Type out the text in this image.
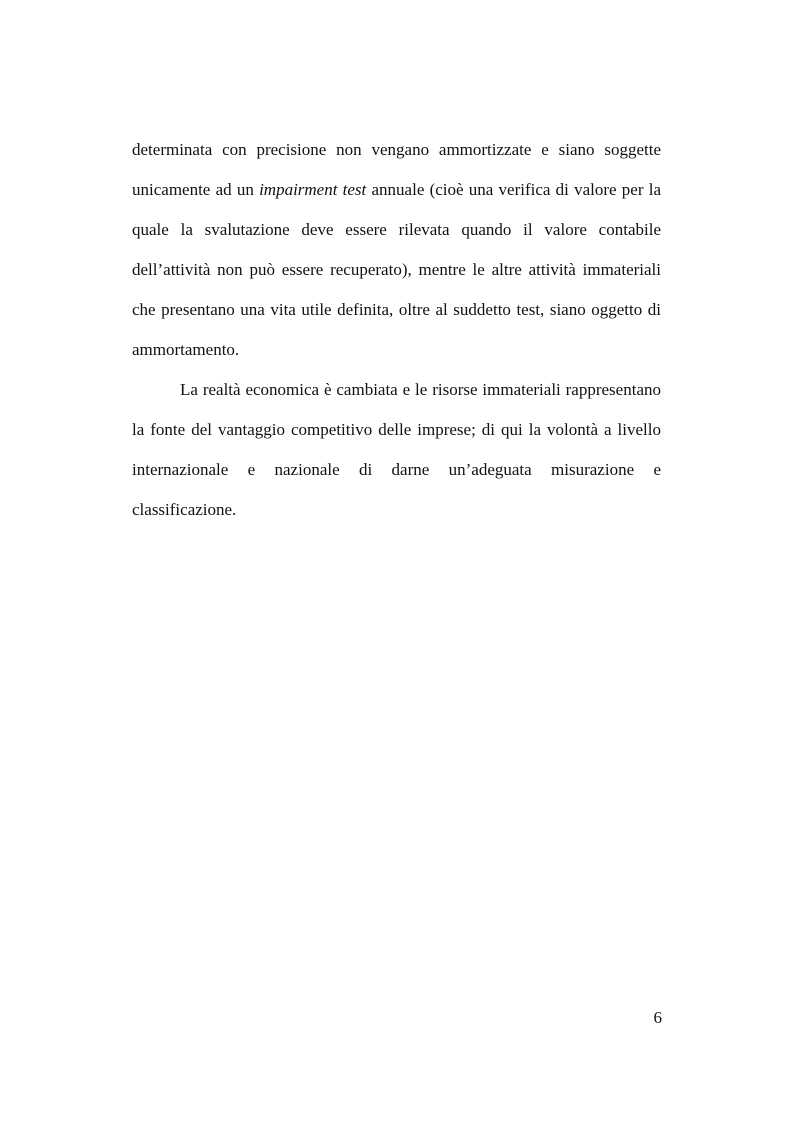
determinata con precisione non vengano ammortizzate e siano soggette unicamente ad un impairment test annuale (cioè una verifica di valore per la quale la svalutazione deve essere rilevata quando il valore contabile dell’attività non può essere recuperato), mentre le altre attività immateriali che presentano una vita utile definita, oltre al suddetto test, siano oggetto di ammortamento.

La realtà economica è cambiata e le risorse immateriali rappresentano la fonte del vantaggio competitivo delle imprese; di qui la volontà a livello internazionale e nazionale di darne un’adeguata misurazione e classificazione.

6
